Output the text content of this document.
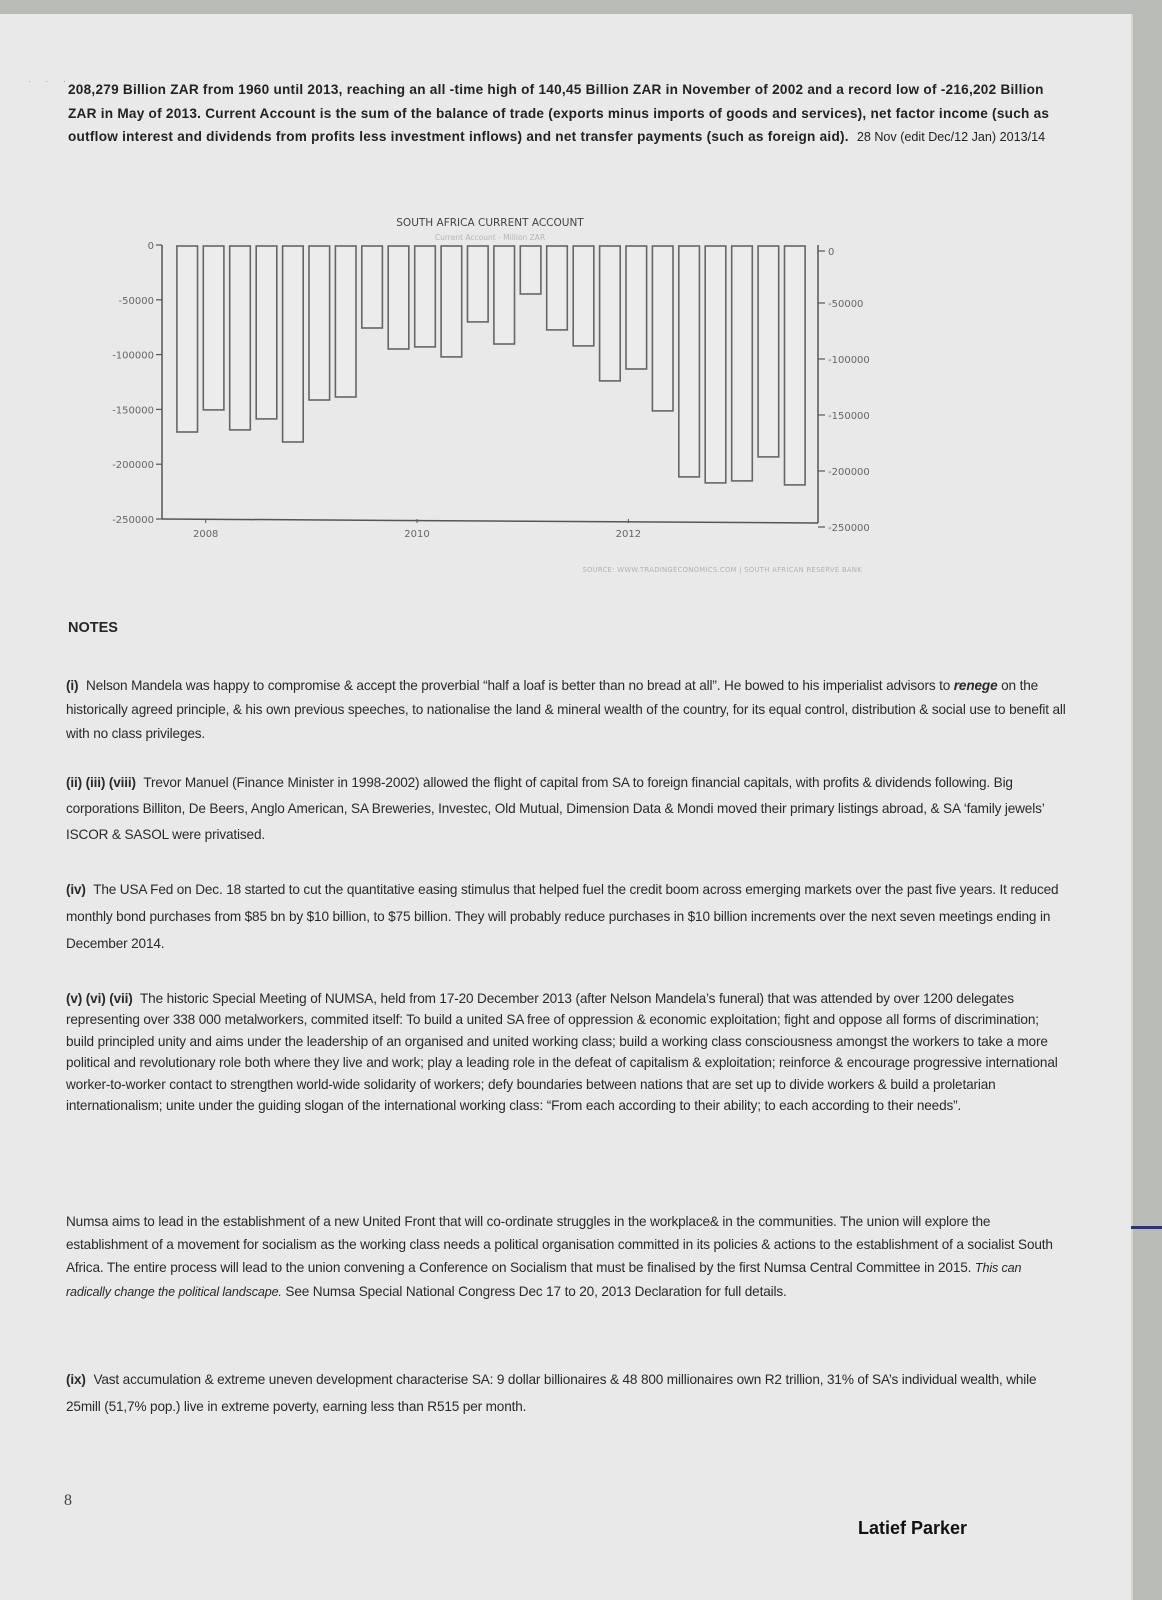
· · ·
208,279 Billion ZAR from 1960 until 2013, reaching an all -time high of 140,45 Billion ZAR in November of 2002 and a record low of -216,202 Billion ZAR in May of 2013. Current Account is the sum of the balance of trade (exports minus imports of goods and services), net factor income (such as outflow interest and dividends from profits less investment inflows) and net transfer payments (such as foreign aid). 28 Nov (edit Dec/12 Jan) 2013/14
SOUTH AFRICA CURRENT ACCOUNT
Current Account - Million ZAR
0
0
-50000	-50000
-100000	-100000
-150000
-150000
-200000
-200000
-250000
-250000
2008	2010	2012
SOURCE: WWW.TRADINGECONOMICS.COM | SOUTH AFRICAN RESERVE BANK
NOTES
(i) Nelson Mandela was happy to compromise & accept the proverbial “half a loaf is better than no bread at all”. He bowed to his imperialist advisors to renege on the historically agreed principle, & his own previous speeches, to nationalise the land & mineral wealth of the country, for its equal control, distribution & social use to benefit all with no class privileges.
(ii) (iii) (viii) Trevor Manuel (Finance Minister in 1998-2002) allowed the flight of capital from SA to foreign financial capitals, with profits & dividends following. Big corporations Billiton, De Beers, Anglo American, SA Breweries, Investec, Old Mutual, Dimension Data & Mondi moved their primary listings abroad, & SA ‘family jewels’ ISCOR & SASOL were privatised.
(iv) The USA Fed on Dec. 18 started to cut the quantitative easing stimulus that helped fuel the credit boom across emerging markets over the past five years. It reduced monthly bond purchases from $85 bn by $10 billion, to $75 billion. They will probably reduce purchases in $10 billion increments over the next seven meetings ending in December 2014.
(v) (vi) (vii) The historic Special Meeting of NUMSA, held from 17-20 December 2013 (after Nelson Mandela’s funeral) that was attended by over 1200 delegates representing over 338 000 metalworkers, commited itself: To build a united SA free of oppression & economic exploitation; fight and oppose all forms of discrimination; build principled unity and aims under the leadership of an organised and united working class; build a working class consciousness amongst the workers to take a more political and revolutionary role both where they live and work; play a leading role in the defeat of capitalism & exploitation; reinforce & encourage progressive international worker-to-worker contact to strengthen world-wide solidarity of workers; defy boundaries between nations that are set up to divide workers & build a proletarian internationalism; unite under the guiding slogan of the international working class: “From each according to their ability; to each according to their needs”.
Numsa aims to lead in the establishment of a new United Front that will co-ordinate struggles in the workplace& in the communities. The union will explore the establishment of a movement for socialism as the working class needs a political organisation committed in its policies & actions to the establishment of a socialist South Africa. The entire process will lead to the union convening a Conference on Socialism that must be finalised by the first Numsa Central Committee in 2015. This can radically change the political landscape. See Numsa Special National Congress Dec 17 to 20, 2013 Declaration for full details.
(ix) Vast accumulation & extreme uneven development characterise SA: 9 dollar billionaires & 48 800 millionaires own R2 trillion, 31% of SA’s individual wealth, while 25mill (51,7% pop.) live in extreme poverty, earning less than R515 per month.
8
Latief Parker
